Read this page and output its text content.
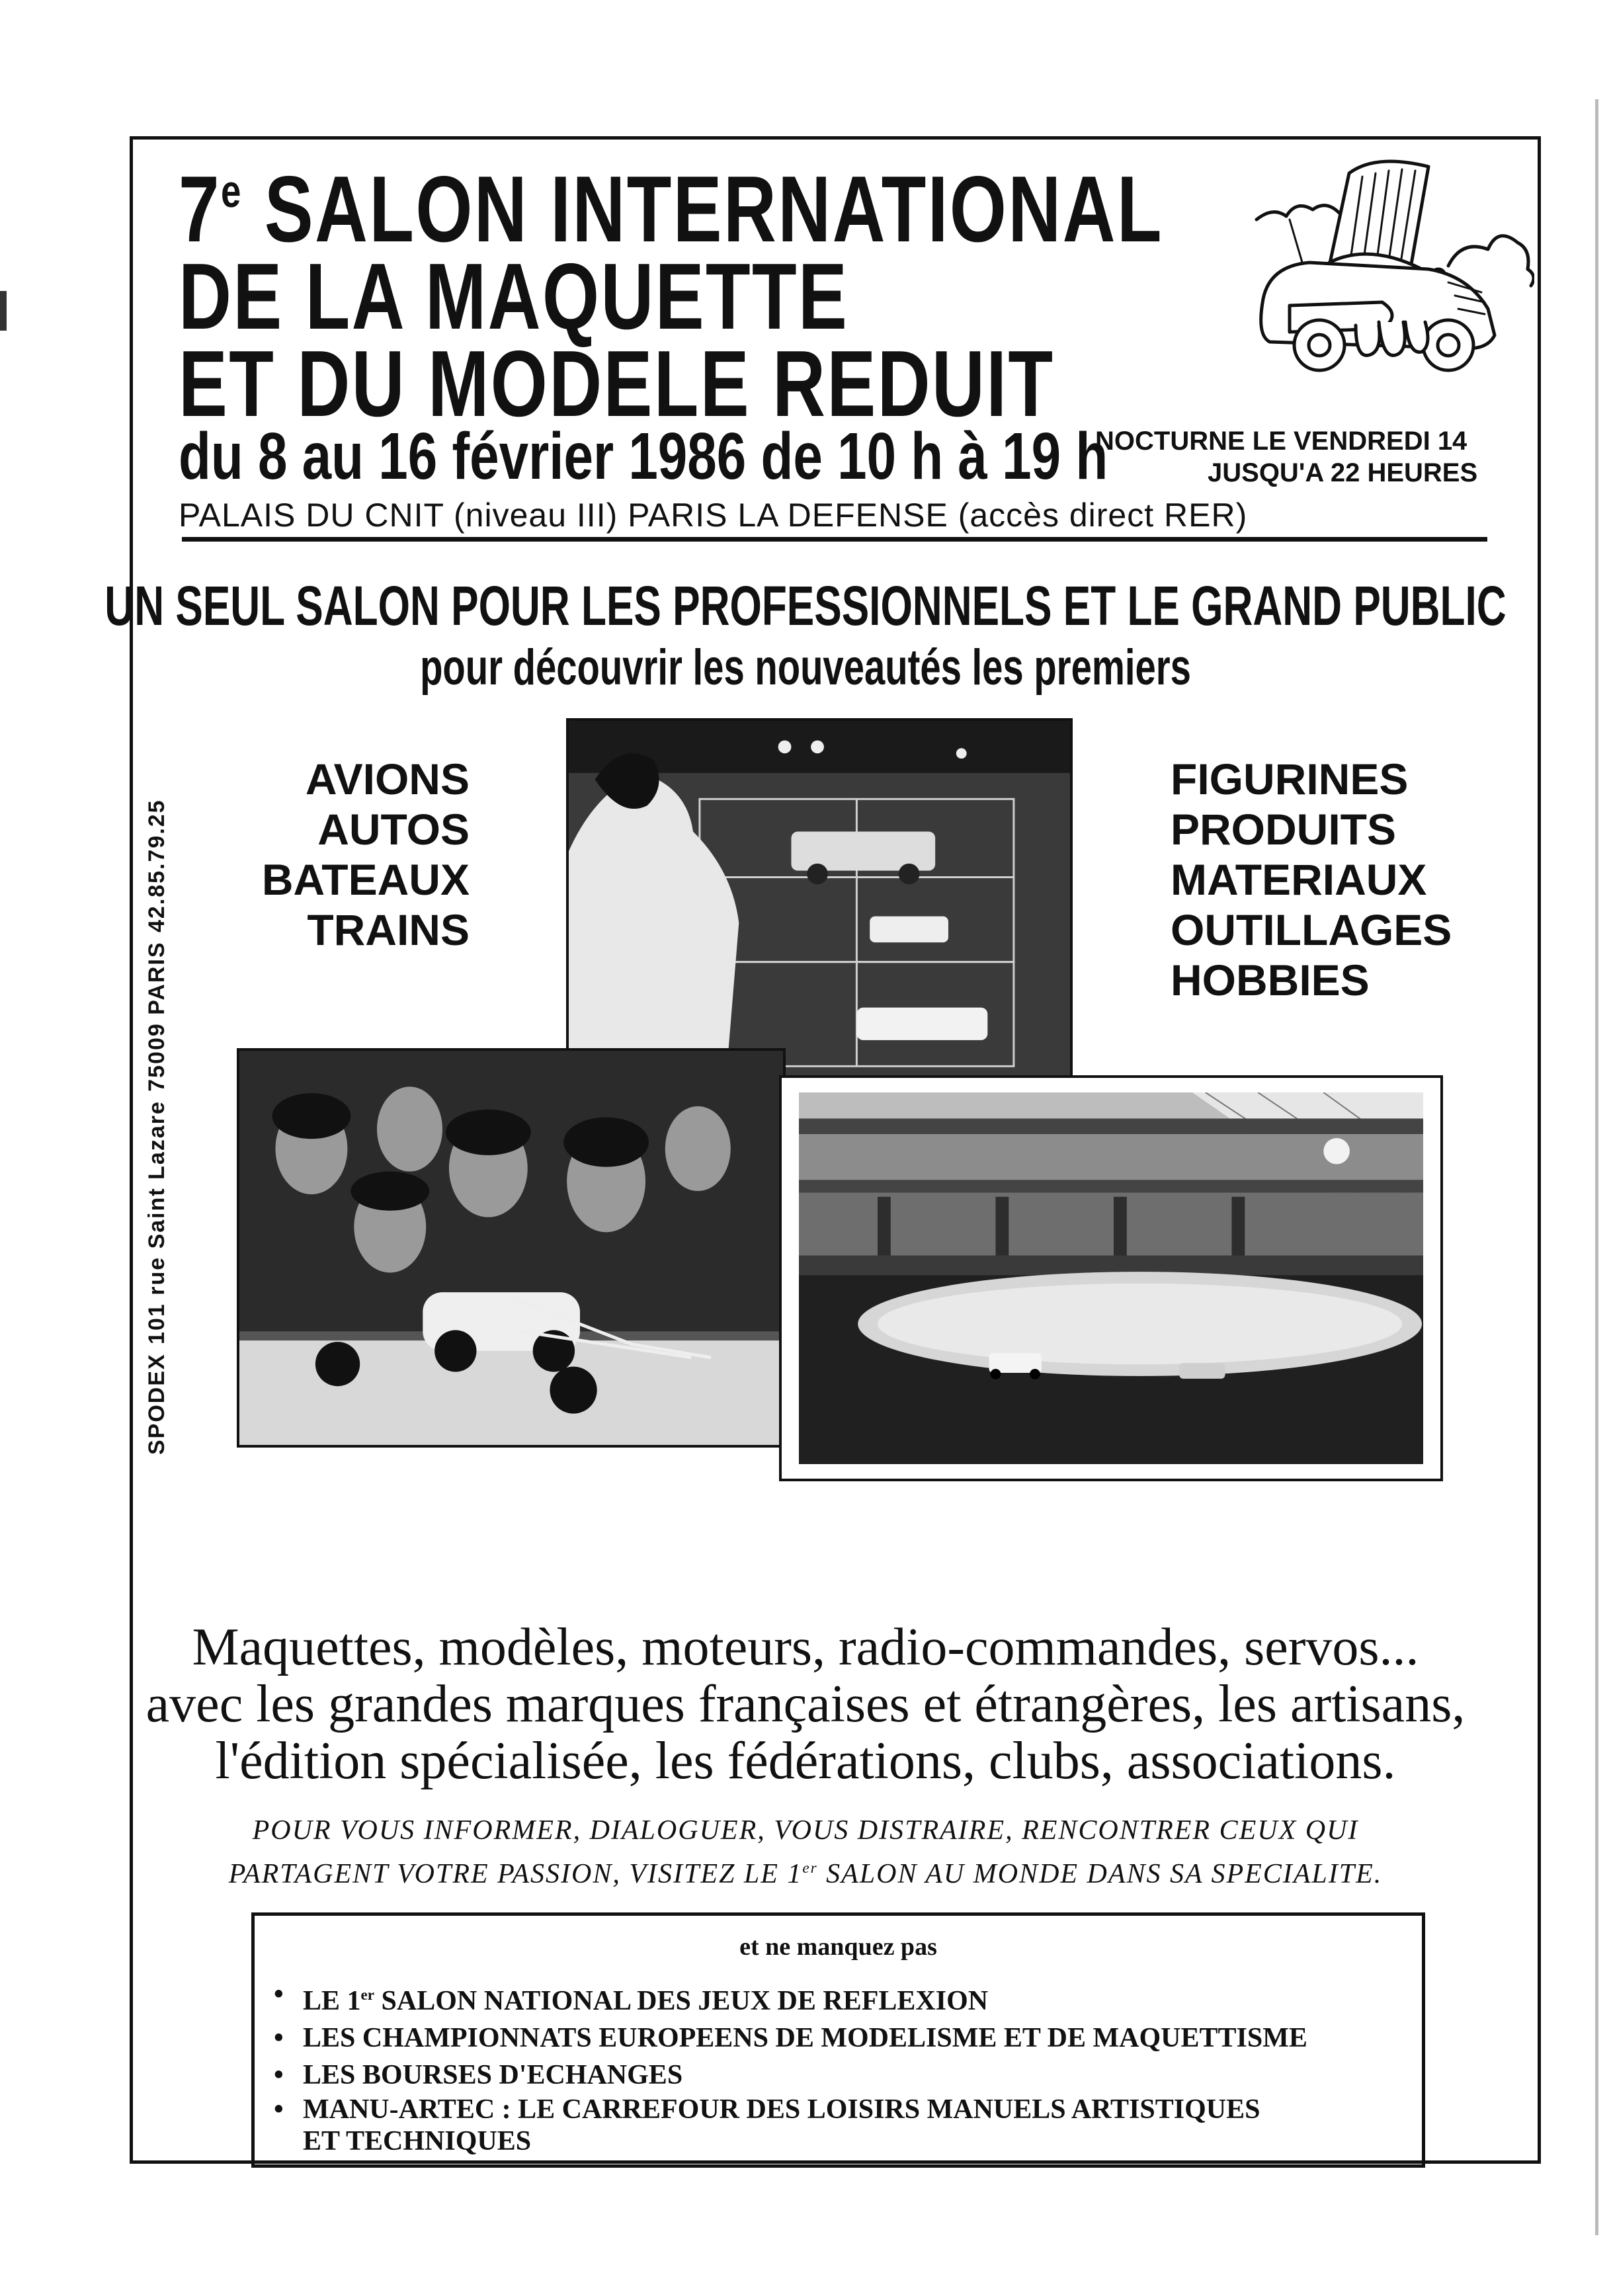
7e SALON INTERNATIONAL
DE LA MAQUETTE
ET DU MODELE REDUIT
du 8 au 16 février 1986 de 10 h à 19 h
NOCTURNE LE VENDREDI 14
JUSQU'A 22 HEURES
PALAIS DU CNIT (niveau III) PARIS LA DEFENSE (accès direct RER)
UN SEUL SALON POUR LES PROFESSIONNELS ET LE GRAND PUBLIC
pour découvrir les nouveautés les premiers
AVIONS
AUTOS
BATEAUX
TRAINS
FIGURINES
PRODUITS
MATERIAUX
OUTILLAGES
HOBBIES
SPODEX   101 rue Saint Lazare   75009 PARIS   42.85.79.25
Maquettes, modèles, moteurs, radio-commandes, servos...
avec les grandes marques françaises et étrangères, les artisans,
l'édition spécialisée, les fédérations, clubs, associations.
POUR VOUS INFORMER, DIALOGUER, VOUS DISTRAIRE, RENCONTRER CEUX QUI
PARTAGENT VOTRE PASSION, VISITEZ LE 1er SALON AU MONDE DANS SA SPECIALITE.
et ne manquez pas
• LE 1er SALON NATIONAL DES JEUX DE REFLEXION
• LES CHAMPIONNATS EUROPEENS DE MODELISME ET DE MAQUETTISME
• LES BOURSES D'ECHANGES
• MANU-ARTEC : LE CARREFOUR DES LOISIRS MANUELS ARTISTIQUES
ET TECHNIQUES
